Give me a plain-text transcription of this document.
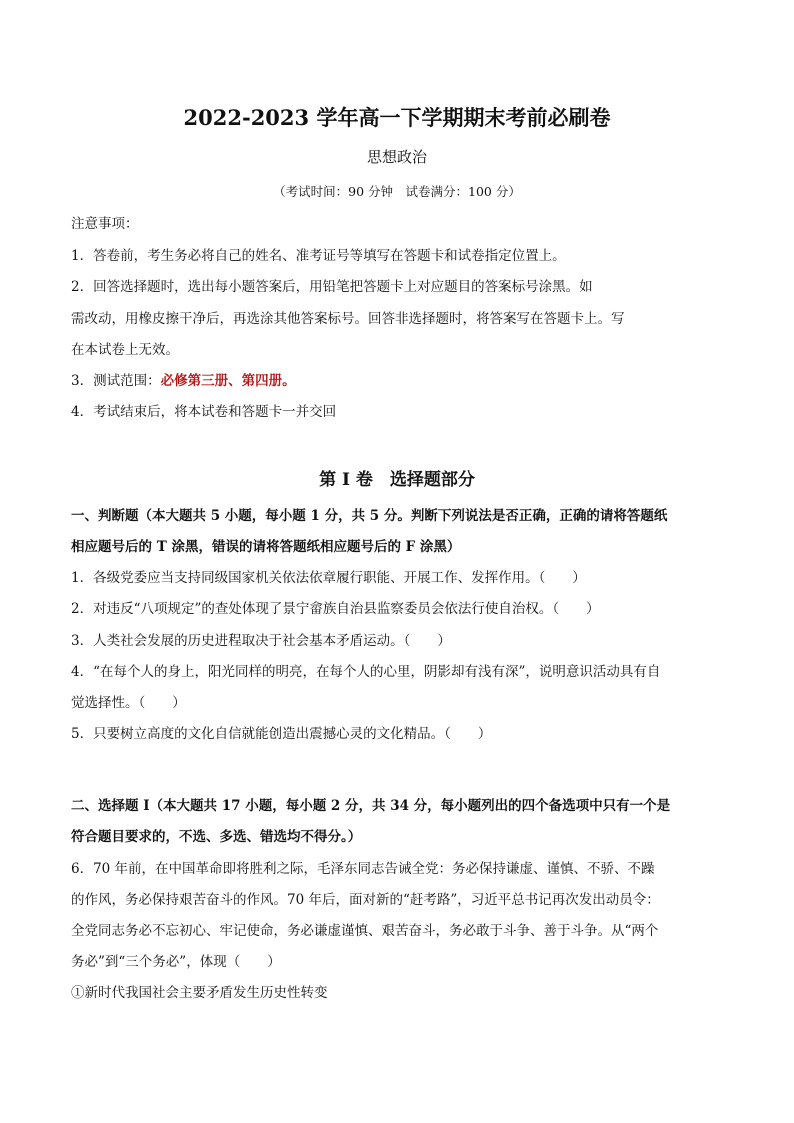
2022-2023 学年高一下学期期末考前必刷卷
思想政治
（考试时间：90 分钟　试卷满分：100 分）
注意事项：
1．答卷前，考生务必将自己的姓名、准考证号等填写在答题卡和试卷指定位置上。
2．回答选择题时，选出每小题答案后，用铅笔把答题卡上对应题目的答案标号涂黑。如
需改动，用橡皮擦干净后，再选涂其他答案标号。回答非选择题时，将答案写在答题卡上。写
在本试卷上无效。
3．测试范围：必修第三册、第四册。
4．考试结束后，将本试卷和答题卡一并交回
第 I 卷　选择题部分
一、判断题（本大题共 5 小题，每小题 1 分，共 5 分。判断下列说法是否正确，正确的请将答题纸
相应题号后的 T 涂黑，错误的请将答题纸相应题号后的 F 涂黑）
1．各级党委应当支持同级国家机关依法依章履行职能、开展工作、发挥作用。（　　）
2．对违反“八项规定”的查处体现了景宁畲族自治县监察委员会依法行使自治权。（　　）
3．人类社会发展的历史进程取决于社会基本矛盾运动。（　　）
4．“在每个人的身上，阳光同样的明亮，在每个人的心里，阴影却有浅有深”，说明意识活动具有自
觉选择性。（　　）
5．只要树立高度的文化自信就能创造出震撼心灵的文化精品。（　　）
二、选择题 I（本大题共 17 小题，每小题 2 分，共 34 分，每小题列出的四个备选项中只有一个是
符合题目要求的，不选、多选、错选均不得分。）
6．70 年前，在中国革命即将胜利之际，毛泽东同志告诫全党：务必保持谦虚、谨慎、不骄、不躁
的作风，务必保持艰苦奋斗的作风。70 年后，面对新的“赶考路”，习近平总书记再次发出动员令：
全党同志务必不忘初心、牢记使命，务必谦虚谨慎、艰苦奋斗，务必敢于斗争、善于斗争。从“两个
务必”到“三个务必”，体现（　　）
①新时代我国社会主要矛盾发生历史性转变
